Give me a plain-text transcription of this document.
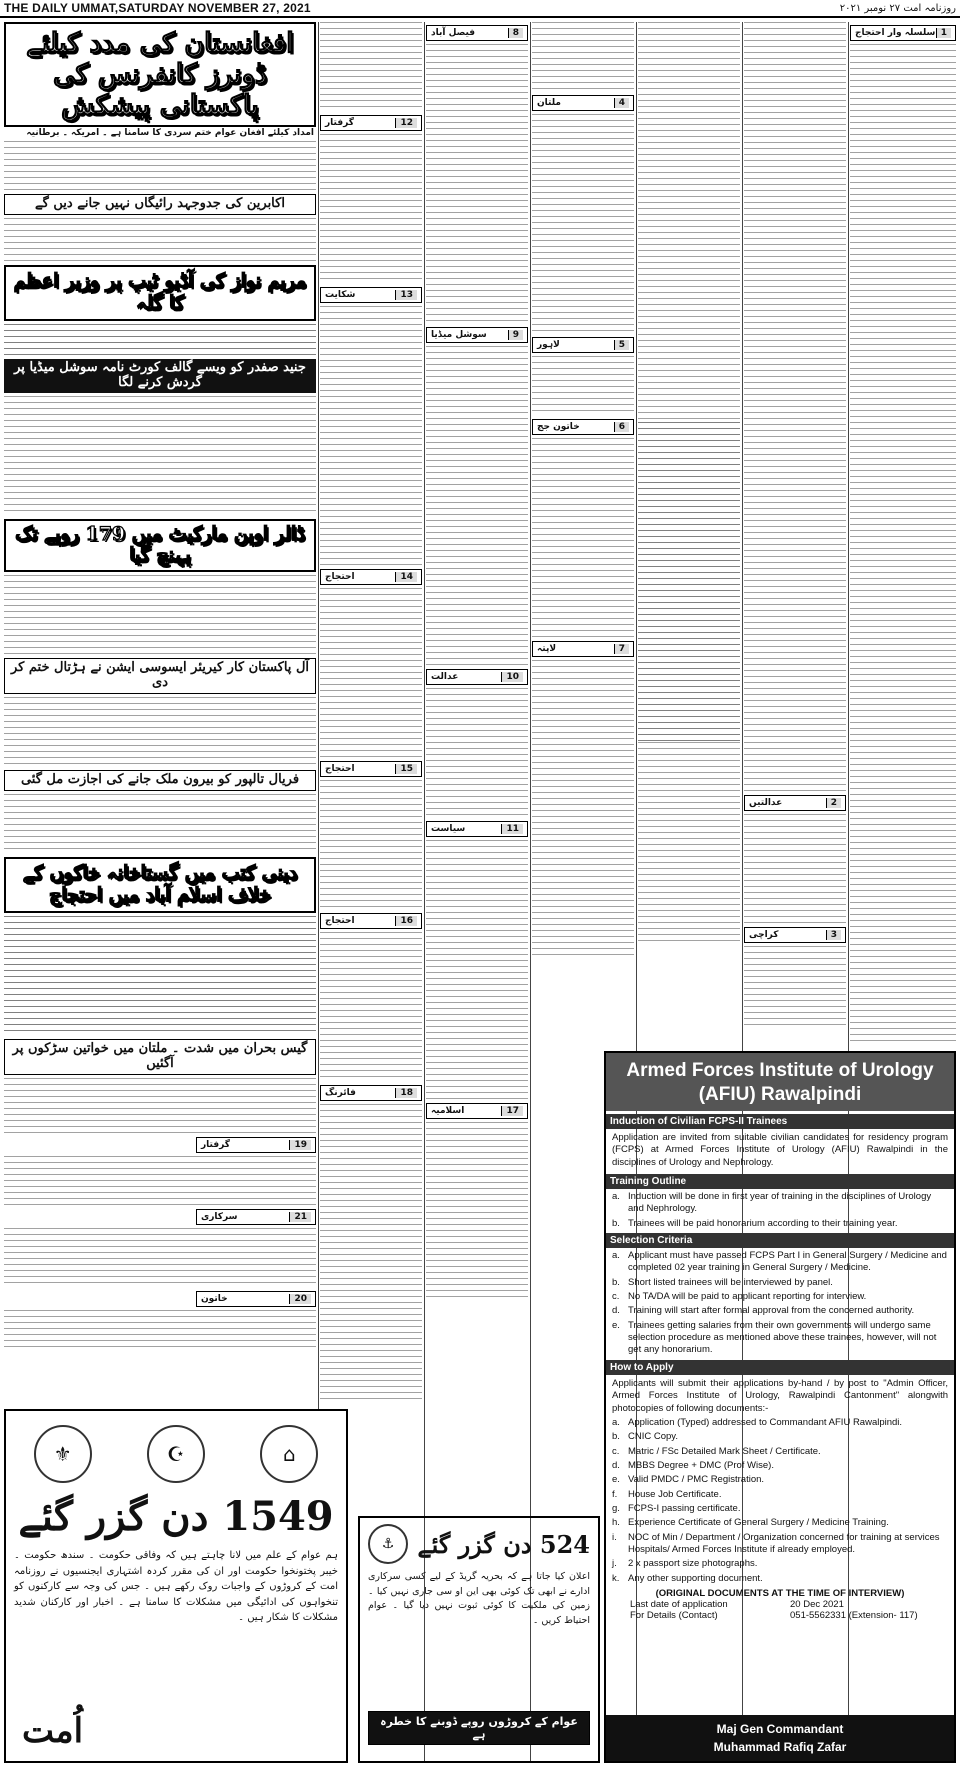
THE DAILY UMMAT,SATURDAY NOVEMBER 27, 2021	روزنامہ امت ۲۷ نومبر ۲۰۲۱
افغانستان کی مدد کیلئے ڈونرز کانفرنس کی پاکستانی پیشکش
امداد کیلئے افغان عوام ختم سردی کا سامنا ہے ۔ امریکہ ۔ برطانیہ
اکابرین کی جدوجہد رائیگاں نہیں جانے دیں گے
مریم نواز کی آڈیو ٹیپ پر وزیر اعظم کا گلہ
جنید صفدر کو ویسے گالف کورٹ نامہ سوشل میڈیا پر گردش کرنے لگا
ڈالر اوپن مارکیٹ میں 179 روپے تک پہنچ گیا
آل پاکستان کار کیریئر ایسوسی ایشن نے ہڑتال ختم کر دی
فریال تالپور کو بیرون ملک جانے کی اجازت مل گئی
دینی کتب میں گستاخانہ خاکوں کے خلاف اسلام آباد میں احتجاج
گیس بحران میں شدت ۔ ملتان میں خواتین سڑکوں پر آگئیں
19
گرفتار
21
سرکاری
20
خاتون
12
گرفتار
13
شکایت
14
احتجاج
15
احتجاج
16
احتجاج
18
فائرنگ
8
فیصل آباد
9
سوشل میڈیا
10
عدالت
11
سیاست
17
اسلامیہ
4
ملتان
5
لاہور
6
خاتون جج
7
لاپتہ
2
عدالتیں
3
کراچی
1
سلسلہ وار احتجاج
Armed Forces Institute of Urology
(AFIU) Rawalpindi
Induction of Civilian FCPS-II Trainees
Application are invited from suitable civilian candidates for residency program (FCPS) at Armed Forces Institute of Urology (AFIU) Rawalpindi in the disciplines of Urology and Nephrology.
Training Outline
a. Induction will be done in first year of training in the disciplines of Urology and Nephrology.
b. Trainees will be paid honorarium according to their training year.
Selection Criteria
a. Applicant must have passed FCPS Part I in General Surgery / Medicine and completed 02 year training in General Surgery / Medicine.
b. Short listed trainees will be interviewed by panel.
c. No TA/DA will be paid to applicant reporting for interview.
d. Training will start after formal approval from the concerned authority.
e. Trainees getting salaries from their own governments will undergo same selection procedure as mentioned above these trainees, however, will not get any honorarium.
How to Apply
Applicants will submit their applications by-hand / by post to "Admin Officer, Armed Forces Institute of Urology, Rawalpindi Cantonment" alongwith photocopies of following documents:-
a. Application (Typed) addressed to Commandant AFIU Rawalpindi.
b. CNIC Copy.
c. Matric / FSc Detailed Mark Sheet / Certificate.
d. MBBS Degree + DMC (Prof Wise).
e. Valid PMDC / PMC Registration.
f.	House Job Certificate.
g. FCPS-I passing certificate.
h. Experience Certificate of General Surgery / Medicine Training.
i.	NOC of Min / Department / Organization concerned for training at services Hospitals/ Armed Forces Institute if already employed.
j.	2 x passport size photographs.
k. Any other supporting document.
(ORIGINAL DOCUMENTS AT THE TIME OF INTERVIEW)
Last date of application	20 Dec 2021
For Details (Contact)	051-5562331 (Extension- 117)
Maj Gen Commandant
Muhammad Rafiq Zafar
⚜	☪	⌂
1549 دن گزر گئے
ہم عوام کے علم میں لانا چاہتے ہیں کہ وفاقی حکومت ۔ سندھ حکومت ۔ خیبر پختونخوا حکومت اور ان کی مقرر کردہ اشتہاری ایجنسیوں نے روزنامہ امت کے کروڑوں کے واجبات روک رکھے ہیں ۔ جس کی وجہ سے کارکنوں کو تنخواہوں کی ادائیگی میں مشکلات کا سامنا ہے ۔ اخبار اور کارکنان شدید مشکلات کا شکار ہیں ۔
اُمت
⚓ 524 دن گزر گئے
اعلان کیا جاتا ہے کہ بحریہ گریڈ کے لیے کسی سرکاری ادارے نے ابھی تک کوئی بھی این او سی جاری نہیں کیا ۔ زمین کی ملکیت کا کوئی ثبوت نہیں دیا گیا ۔ عوام احتیاط کریں ۔
عوام کے کروڑوں روپے ڈوبنے کا خطرہ ہے
